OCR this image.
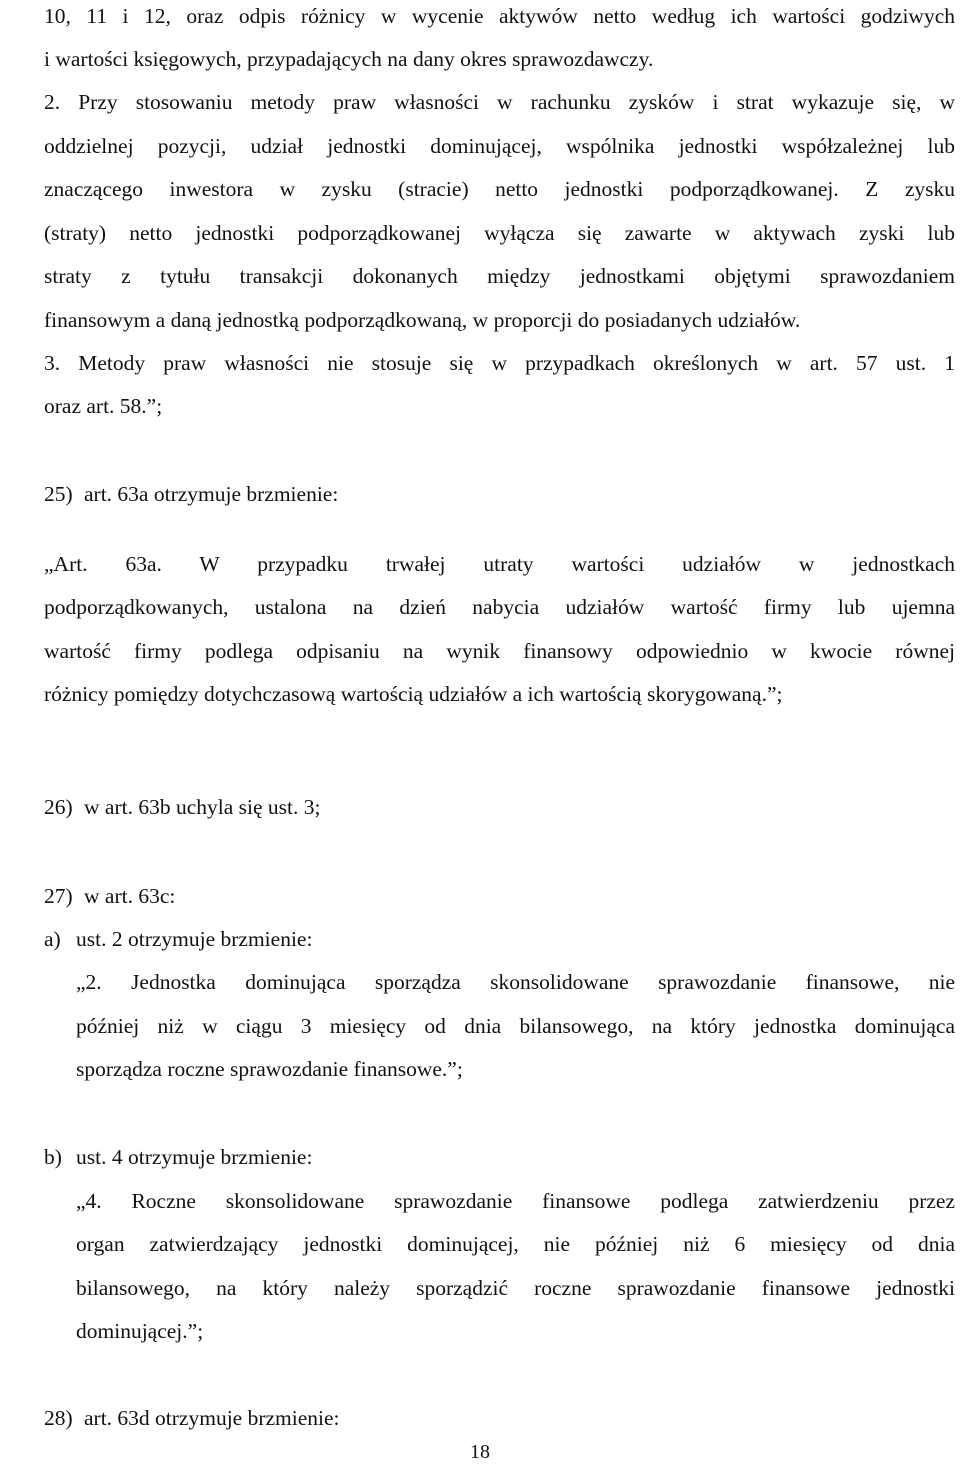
10, 11 i 12, oraz odpis różnicy w wycenie aktywów netto według ich wartości godziwych
i wartości księgowych, przypadających na dany okres sprawozdawczy.
2. Przy stosowaniu metody praw własności w rachunku zysków i strat wykazuje się, w
oddzielnej pozycji, udział jednostki dominującej, wspólnika jednostki współzależnej lub
znaczącego inwestora w zysku (stracie) netto jednostki podporządkowanej. Z zysku
(straty) netto jednostki podporządkowanej wyłącza się zawarte w aktywach zyski lub
straty z tytułu transakcji dokonanych między jednostkami objętymi sprawozdaniem
finansowym a daną jednostką podporządkowaną, w proporcji do posiadanych udziałów.
3. Metody praw własności nie stosuje się w przypadkach określonych w art. 57 ust. 1
oraz art. 58.”;
25) art. 63a otrzymuje brzmienie:
„Art. 63a. W przypadku trwałej utraty wartości udziałów w jednostkach
podporządkowanych, ustalona na dzień nabycia udziałów wartość firmy lub ujemna
wartość firmy podlega odpisaniu na wynik finansowy odpowiednio w kwocie równej
różnicy pomiędzy dotychczasową wartością udziałów a ich wartością skorygowaną.”;
26) w art. 63b uchyla się ust. 3;
27) w art. 63c:
a) ust. 2 otrzymuje brzmienie:
„2. Jednostka dominująca sporządza skonsolidowane sprawozdanie finansowe, nie
później niż w ciągu 3 miesięcy od dnia bilansowego, na który jednostka dominująca
sporządza roczne sprawozdanie finansowe.”;
b) ust. 4 otrzymuje brzmienie:
„4. Roczne skonsolidowane sprawozdanie finansowe podlega zatwierdzeniu przez
organ zatwierdzający jednostki dominującej, nie później niż 6 miesięcy od dnia
bilansowego, na który należy sporządzić roczne sprawozdanie finansowe jednostki
dominującej.”;
28) art. 63d otrzymuje brzmienie:
18
